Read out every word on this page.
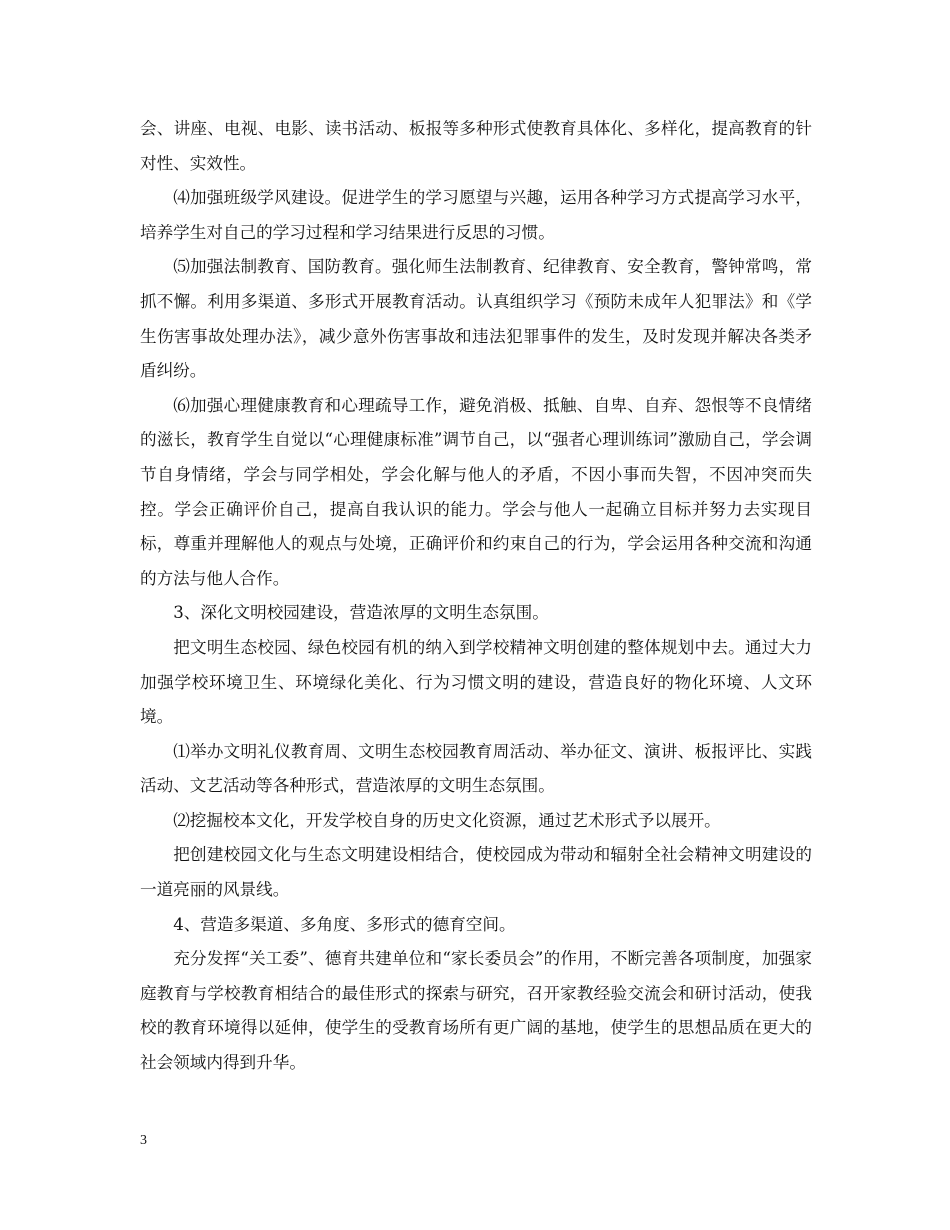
会、讲座、电视、电影、读书活动、板报等多种形式使教育具体化、多样化，提高教育的针对性、实效性。

⑷加强班级学风建设。促进学生的学习愿望与兴趣，运用各种学习方式提高学习水平，培养学生对自己的学习过程和学习结果进行反思的习惯。

⑸加强法制教育、国防教育。强化师生法制教育、纪律教育、安全教育，警钟常鸣，常抓不懈。利用多渠道、多形式开展教育活动。认真组织学习《预防未成年人犯罪法》和《学生伤害事故处理办法》，减少意外伤害事故和违法犯罪事件的发生，及时发现并解决各类矛盾纠纷。

⑹加强心理健康教育和心理疏导工作，避免消极、抵触、自卑、自弃、怨恨等不良情绪的滋长，教育学生自觉以“心理健康标准”调节自己，以“强者心理训练词”激励自己，学会调节自身情绪，学会与同学相处，学会化解与他人的矛盾，不因小事而失智，不因冲突而失控。学会正确评价自己，提高自我认识的能力。学会与他人一起确立目标并努力去实现目标，尊重并理解他人的观点与处境，正确评价和约束自己的行为，学会运用各种交流和沟通的方法与他人合作。

3、深化文明校园建设，营造浓厚的文明生态氛围。

把文明生态校园、绿色校园有机的纳入到学校精神文明创建的整体规划中去。通过大力加强学校环境卫生、环境绿化美化、行为习惯文明的建设，营造良好的物化环境、人文环境。

⑴举办文明礼仪教育周、文明生态校园教育周活动、举办征文、演讲、板报评比、实践活动、文艺活动等各种形式，营造浓厚的文明生态氛围。

⑵挖掘校本文化，开发学校自身的历史文化资源，通过艺术形式予以展开。

把创建校园文化与生态文明建设相结合，使校园成为带动和辐射全社会精神文明建设的一道亮丽的风景线。

4、营造多渠道、多角度、多形式的德育空间。

充分发挥“关工委”、德育共建单位和“家长委员会”的作用，不断完善各项制度，加强家庭教育与学校教育相结合的最佳形式的探索与研究，召开家教经验交流会和研讨活动，使我校的教育环境得以延伸，使学生的受教育场所有更广阔的基地，使学生的思想品质在更大的社会领域内得到升华。

3
